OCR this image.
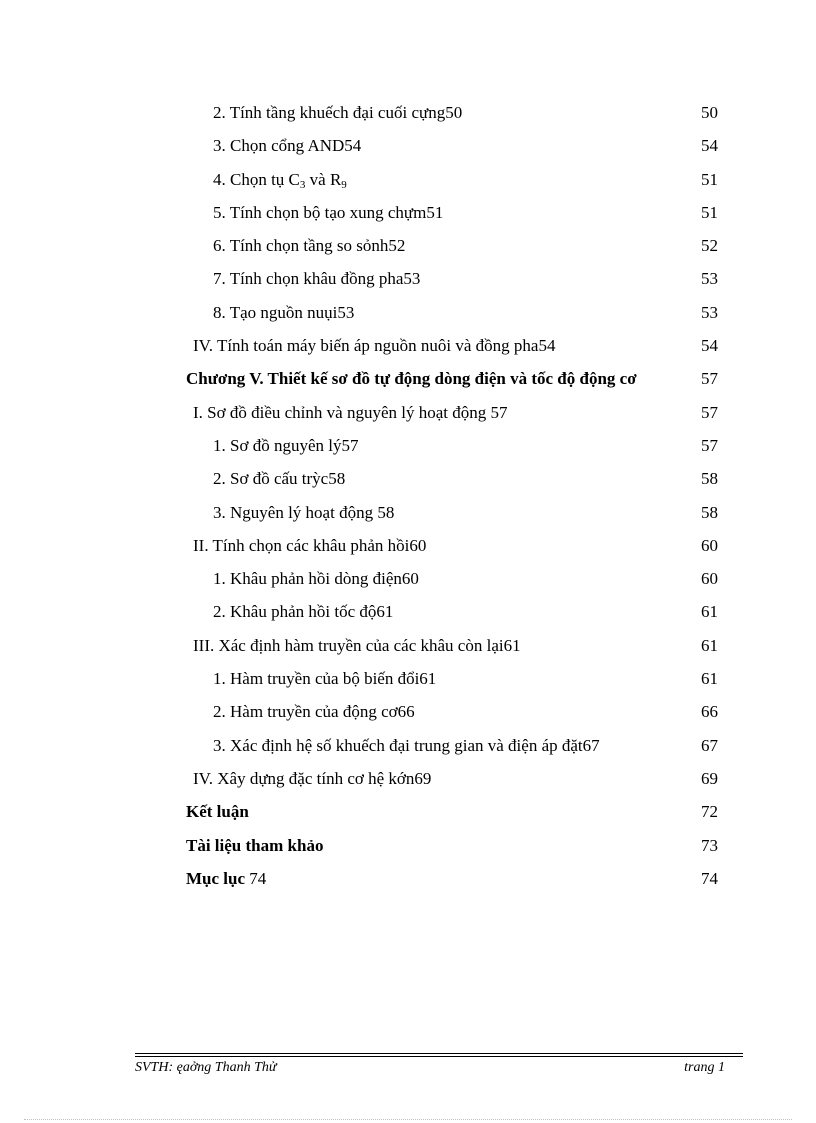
2. Tính tầng khuếch đại cuối cựng50	50
3. Chọn cổng AND54	54
4. Chọn tụ $C_3$ và $R_9$	51
5. Tính chọn bộ tạo xung chựm51	51
6. Tính chọn tầng so sỏnh52	52
7. Tính chọn khâu đồng pha53	53
8. Tạo nguồn nuụi53	53
IV. Tính toán máy biến áp nguồn nuôi và đồng pha54	54
Chương V. Thiết kế sơ đồ tự động dòng điện và tốc độ động cơ	57
I. Sơ đồ điều chỉnh và nguyên lý hoạt động 57	57
1. Sơ đồ nguyên lý57	57
2. Sơ đồ cấu trỳc58	58
3. Nguyên lý hoạt động 58	58
II. Tính chọn các khâu phản hồi60	60
1. Khâu phản hồi dòng điện60	60
2. Khâu phản hồi tốc độ61	61
III. Xác định hàm truyền của các khâu còn lại61	61
1. Hàm truyền của bộ biến đổi61	61
2. Hàm truyền của động cơ66	66
3. Xác định hệ số khuếch đại trung gian và điện áp đặt67	67
IV. Xây dựng đặc tính cơ hệ kớn69	69
Kết luận	72
Tài liệu tham khảo	73
Mục lục 74	74
SVTH: ęaởng Thanh Thử	trang 1
